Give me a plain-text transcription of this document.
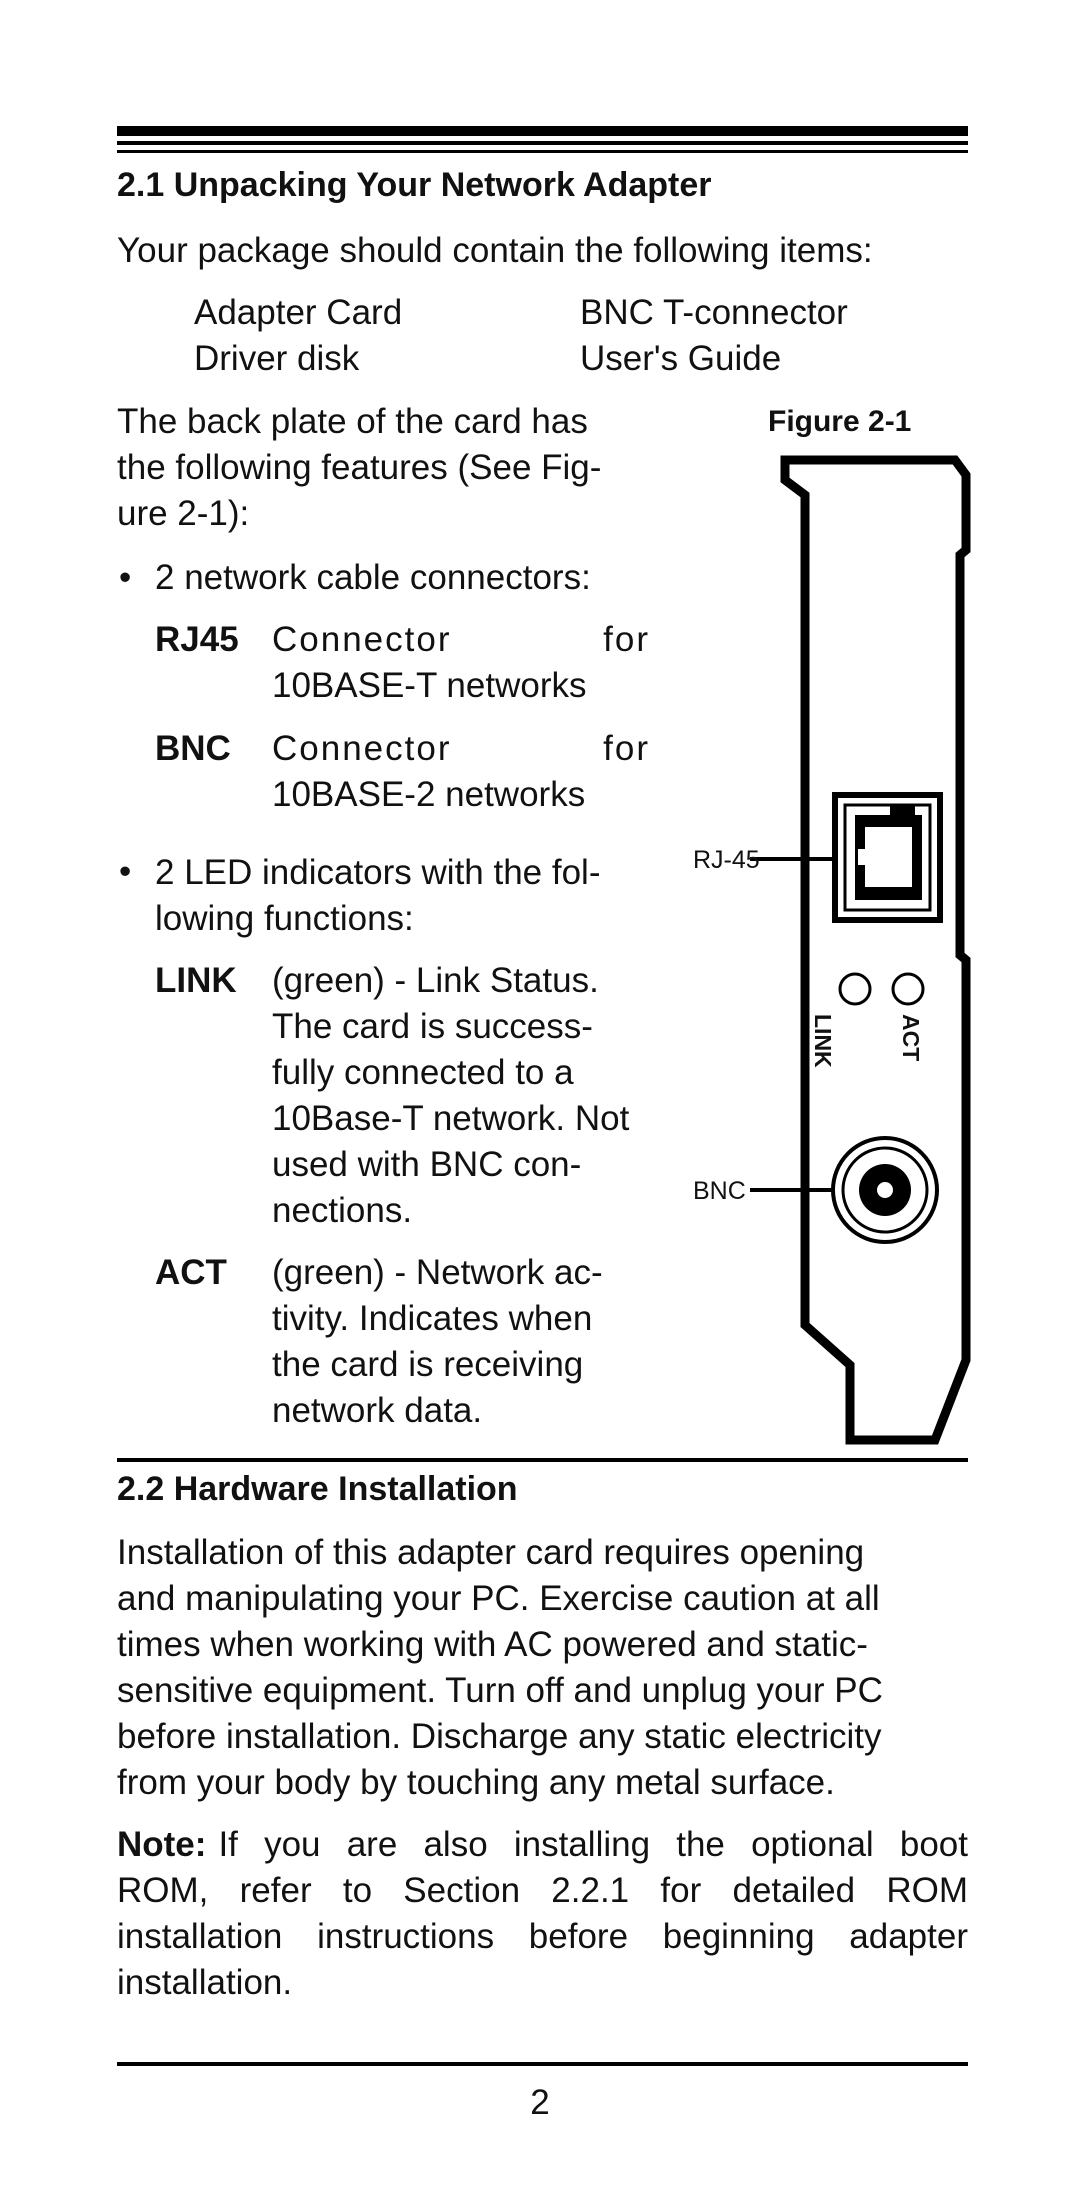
2.1 Unpacking Your Network Adapter
Your package should contain the following items:
Adapter Card	BNC T-connector
Driver disk	User's Guide
The back plate of the card has
the following features (See Fig-
ure 2-1):
• 2 network cable connectors:
RJ45 Connector	for
10BASE-T networks
BNC Connector	for
10BASE-2 networks
• 2 LED indicators with the fol-
lowing functions:
LINK (green) - Link Status.
The card is success-
fully connected to a
10Base-T network. Not
used with BNC con-
nections.
ACT (green) - Network ac-
tivity. Indicates when
the card is receiving
network data.
Figure 2-1
RJ-45
BNC
LINK	ACT
2.2 Hardware Installation
Installation of this adapter card requires opening
and manipulating your PC. Exercise caution at all
times when working with AC powered and static-
sensitive equipment. Turn off and unplug your PC
before installation. Discharge any static electricity
from your body by touching any metal surface.
Note: If you are also installing the optional boot
ROM, refer to Section 2.2.1 for detailed ROM
installation instructions before beginning adapter
installation.
2
